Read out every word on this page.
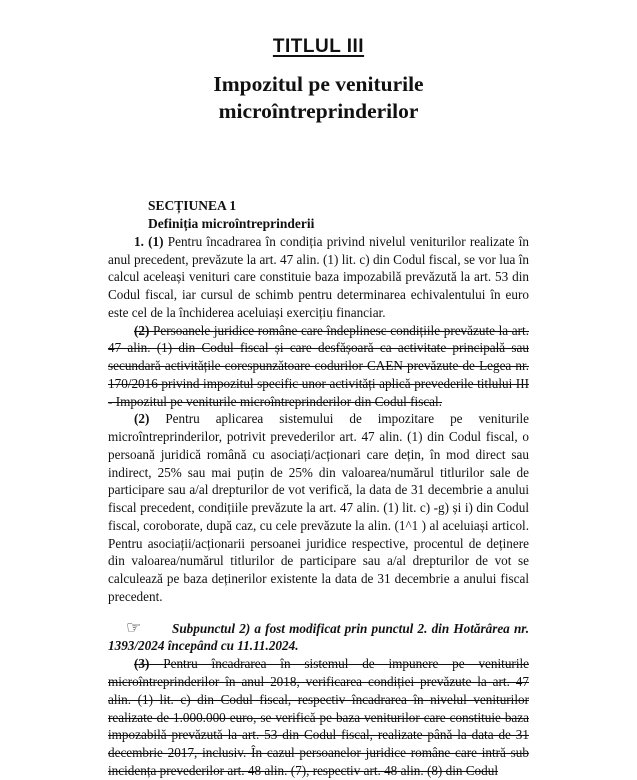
TITLUL III
Impozitul pe veniturile
microîntreprinderilor
SECȚIUNEA 1
Definiția microîntreprinderii

1. (1) Pentru încadrarea în condiția privind nivelul veniturilor realizate în anul precedent, prevăzute la art. 47 alin. (1) lit. c) din Codul fiscal, se vor lua în calcul aceleași venituri care constituie baza impozabilă prevăzută la art. 53 din Codul fiscal, iar cursul de schimb pentru determinarea echivalentului în euro este cel de la închiderea aceluiași exercițiu financiar.

(2) Persoanele juridice române care îndeplinesc condițiile prevăzute la art. 47 alin. (1) din Codul fiscal și care desfășoară ca activitate principală sau secundară activitățile corespunzătoare codurilor CAEN prevăzute de Legea nr. 170/2016 privind impozitul specific unor activități aplică prevederile titlului III - Impozitul pe veniturile microîntreprinderilor din Codul fiscal.

(2) Pentru aplicarea sistemului de impozitare pe veniturile microîntreprinderilor, potrivit prevederilor art. 47 alin. (1) din Codul fiscal, o persoană juridică română cu asociați/acționari care dețin, în mod direct sau indirect, 25% sau mai puțin de 25% din valoarea/numărul titlurilor sale de participare sau a/al drepturilor de vot verifică, la data de 31 decembrie a anului fiscal precedent, condițiile prevăzute la art. 47 alin. (1) lit. c) -g) și i) din Codul fiscal, coroborate, după caz, cu cele prevăzute la alin. (1^1 ) al aceluiași articol. Pentru asociații/acționarii persoanei juridice respective, procentul de deținere din valoarea/numărul titlurilor de participare sau a/al drepturilor de vot se calculează pe baza deținerilor existente la data de 31 decembrie a anului fiscal precedent.

☞	Subpunctul 2) a fost modificat prin punctul 2. din Hotărârea nr. 1393/2024 începând cu 11.11.2024.

(3) Pentru încadrarea în sistemul de impunere pe veniturile microîntreprinderilor în anul 2018, verificarea condiției prevăzute la art. 47 alin. (1) lit. c) din Codul fiscal, respectiv încadrarea în nivelul veniturilor realizate de 1.000.000 euro, se verifică pe baza veniturilor care constituie baza impozabilă prevăzută la art. 53 din Codul fiscal, realizate până la data de 31 decembrie 2017, inclusiv. În cazul persoanelor juridice române care intră sub incidența prevederilor art. 48 alin. (7), respectiv art. 48 alin. (8) din Codul
